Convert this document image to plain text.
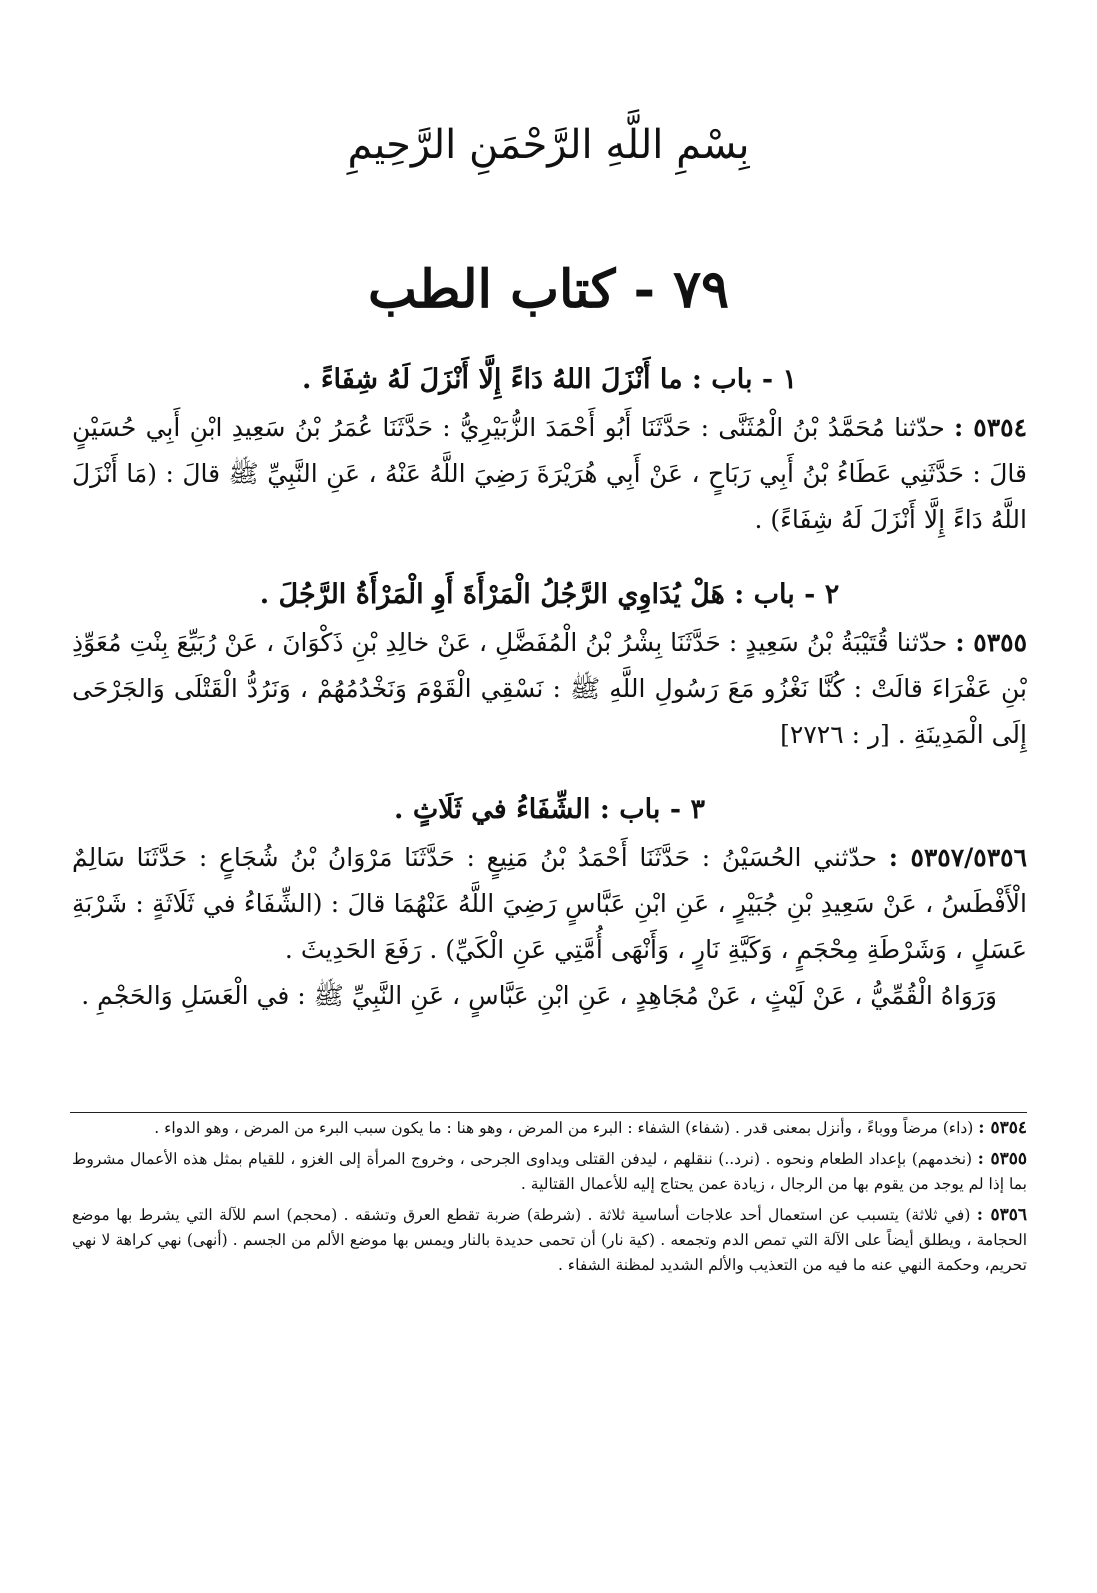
بِسْمِ اللَّهِ الرَّحْمَنِ الرَّحِيمِ
٧٩ - كتاب الطب
١ - باب : ما أَنْزَلَ اللهُ دَاءً إِلَّا أَنْزَلَ لَهُ شِفَاءً .
٥٣٥٤ : حدّثنا مُحَمَّدُ بْنُ الْمُثَنَّى : حَدَّثَنَا أَبُو أَحْمَدَ الزُّبَيْرِيُّ : حَدَّثَنَا عُمَرُ بْنُ سَعِيدِ ابْنِ أَبِي حُسَيْنٍ قالَ : حَدَّثَنِي عَطَاءُ بْنُ أَبِي رَبَاحٍ ، عَنْ أَبِي هُرَيْرَةَ رَضِيَ اللَّهُ عَنْهُ ، عَنِ النَّبِيِّ ﷺ قالَ : (مَا أَنْزَلَ اللَّهُ دَاءً إِلَّا أَنْزَلَ لَهُ شِفَاءً) .
٢ - باب : هَلْ يُدَاوِي الرَّجُلُ الْمَرْأَةَ أَوِ الْمَرْأَةُ الرَّجُلَ .
٥٣٥٥ : حدّثنا قُتَيْبَةُ بْنُ سَعِيدٍ : حَدَّثَنَا بِشْرُ بْنُ الْمُفَضَّلِ ، عَنْ خالِدِ بْنِ ذَكْوَانَ ، عَنْ رُبَيِّعَ بِنْتِ مُعَوِّذِ بْنِ عَفْرَاءَ قالَتْ : كُنَّا نَغْزُو مَعَ رَسُولِ اللَّهِ ﷺ : نَسْقِي الْقَوْمَ وَنَخْدُمُهُمْ ، وَنَرُدُّ الْقَتْلَى وَالجَرْحَى إِلَى الْمَدِينَةِ . [ر : ٢٧٢٦]
٣ - باب : الشِّفَاءُ في ثَلَاثٍ .
٥٣٥٧/٥٣٥٦ : حدّثني الحُسَيْنُ : حَدَّثَنَا أَحْمَدُ بْنُ مَنِيعٍ : حَدَّثَنَا مَرْوَانُ بْنُ شُجَاعٍ : حَدَّثَنَا سَالِمٌ الْأَفْطَسُ ، عَنْ سَعِيدِ بْنِ جُبَيْرٍ ، عَنِ ابْنِ عَبَّاسٍ رَضِيَ اللَّهُ عَنْهُمَا قالَ : (الشِّفَاءُ في ثَلَاثَةٍ : شَرْبَةِ عَسَلٍ ، وَشَرْطَةِ مِحْجَمٍ ، وَكَيَّةِ نَارٍ ، وَأَنْهَى أُمَّتِي عَنِ الْكَيِّ) . رَفَعَ الحَدِيثَ .
وَرَوَاهُ الْقُمِّيُّ ، عَنْ لَيْثٍ ، عَنْ مُجَاهِدٍ ، عَنِ ابْنِ عَبَّاسٍ ، عَنِ النَّبِيِّ ﷺ : في الْعَسَلِ وَالحَجْمِ .
٥٣٥٤ : (داء) مرضاً ووباءً ، وأنزل بمعنى قدر . (شفاء) الشفاء : البرء من المرض ، وهو هنا : ما يكون سبب البرء من المرض ، وهو الدواء .
٥٣٥٥ : (نخدمهم) بإعداد الطعام ونحوه . (نرد..) ننقلهم ، ليدفن القتلى ويداوى الجرحى ، وخروج المرأة إلى الغزو ، للقيام بمثل هذه الأعمال مشروط بما إذا لم يوجد من يقوم بها من الرجال ، زيادة عمن يحتاج إليه للأعمال القتالية .
٥٣٥٦ : (في ثلاثة) يتسبب عن استعمال أحد علاجات أساسية ثلاثة . (شرطة) ضربة تقطع العرق وتشقه . (محجم) اسم للآلة التي يشرط بها موضع الحجامة ، ويطلق أيضاً على الآلة التي تمص الدم وتجمعه . (كية نار) أن تحمى حديدة بالنار ويمس بها موضع الألم من الجسم . (أنهى) نهي كراهة لا نهي تحريم، وحكمة النهي عنه ما فيه من التعذيب والألم الشديد لمظنة الشفاء .
